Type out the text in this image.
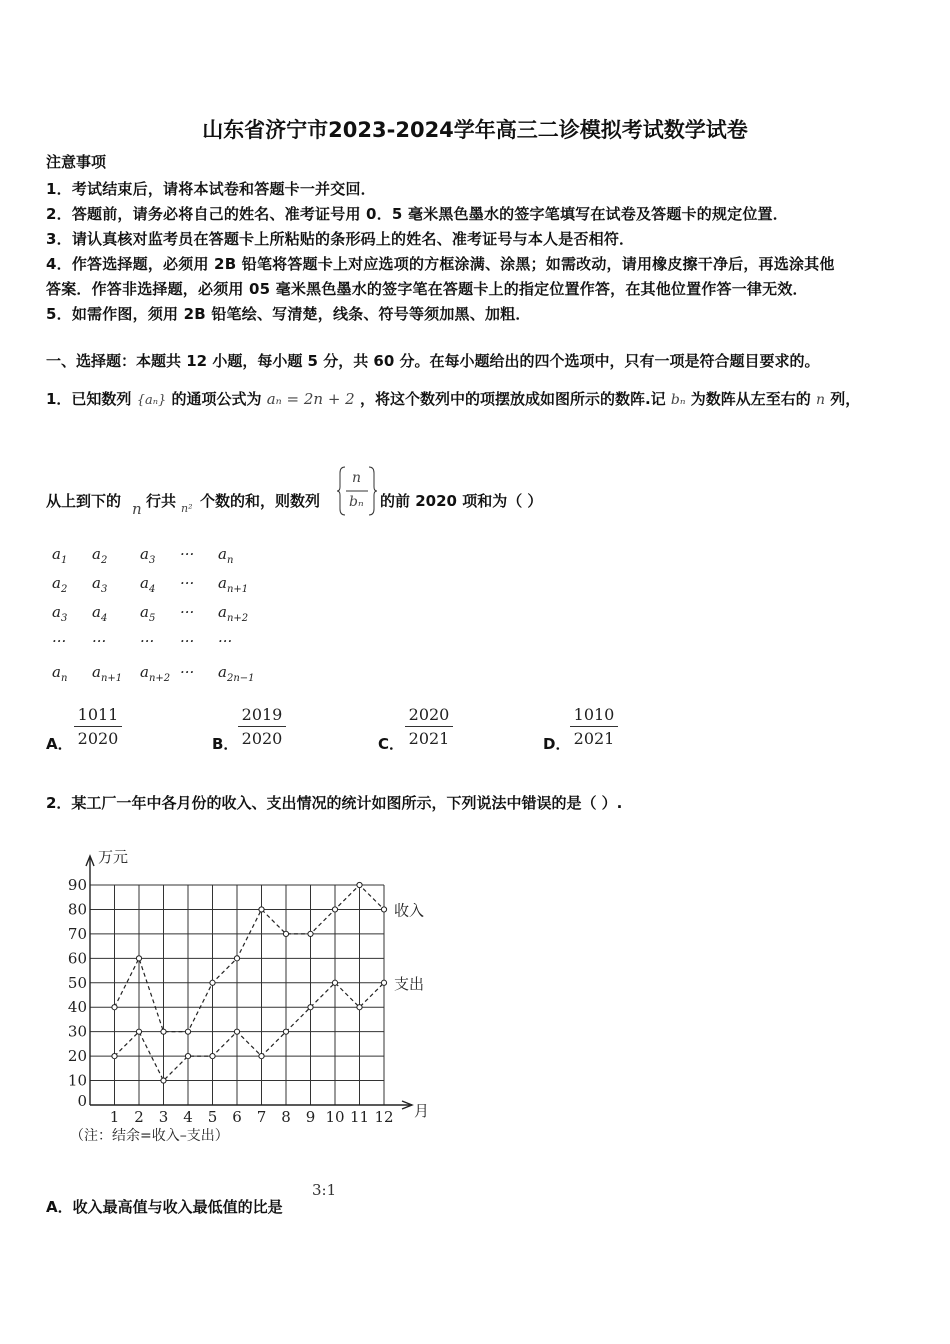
山东省济宁市2023-2024学年高三二诊模拟考试数学试卷
注意事项
1．考试结束后，请将本试卷和答题卡一并交回．
2．答题前，请务必将自己的姓名、准考证号用 0．5 毫米黑色墨水的签字笔填写在试卷及答题卡的规定位置．
3．请认真核对监考员在答题卡上所粘贴的条形码上的姓名、准考证号与本人是否相符．
4．作答选择题，必须用 2B 铅笔将答题卡上对应选项的方框涂满、涂黑；如需改动，请用橡皮擦干净后，再选涂其他
答案．作答非选择题，必须用 05 毫米黑色墨水的签字笔在答题卡上的指定位置作答，在其他位置作答一律无效．
5．如需作图，须用 2B 铅笔绘、写清楚，线条、符号等须加黑、加粗．
一、选择题：本题共 12 小题，每小题 5 分，共 60 分。在每小题给出的四个选项中，只有一项是符合题目要求的。
1．已知数列 {aₙ} 的通项公式为 aₙ = 2n + 2 ，将这个数列中的项摆放成如图所示的数阵.记 bₙ 为数阵从左至右的 n 列，
从上到下的 n 行共 n² 个数的和，则数列
n
bₙ 的前 2020 项和为（ ）
$a_1$ $a_2$ $a_3$ ··· $a_n$
$a_2$ $a_3$ $a_4$ ··· $a_{n+1}$
$a_3$ $a_4$ $a_5$ ··· $a_{n+2}$
··· ··· ··· ··· ···
$a_n$ $a_{n+1}$ $a_{n+2}$ ··· $a_{2n-1}$
A． $\frac{1011}{2020}$	B． $\frac{2019}{2020}$	C． $\frac{2020}{2021}$	D． $\frac{1010}{2021}$
2．某工厂一年中各月份的收入、支出情况的统计如图所示，下列说法中错误的是（ ）.
万元
月
（注：结余=收入–支出）
0
10
20
30
40
50
60
70
80
90
1 2 3 4 5 6 7 8 9 10 11 12
收入
支出
A．收入最高值与收入最低值的比是
3:1
